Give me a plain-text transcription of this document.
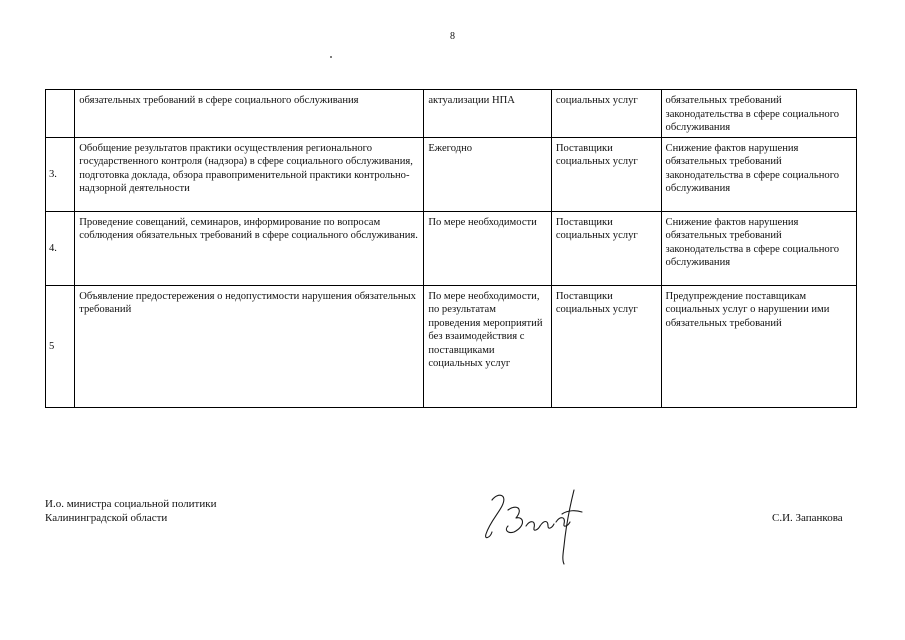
8
	обязательных требований в сфере социального обслуживания	актуализации НПА	социальных услуг	обязательных требований законодательства в сфере социального обслуживания
3.	Обобщение результатов практики осуществления регионального государственного контроля (надзора) в сфере социального обслуживания, подготовка доклада, обзора правоприменительной практики контрольно-надзорной деятельности	Ежегодно	Поставщики социальных услуг	Снижение фактов нарушения обязательных требований законодательства в сфере социального обслуживания
4.	Проведение совещаний, семинаров, информирование по вопросам соблюдения обязательных требований в сфере социального обслуживания.	По мере необходимости	Поставщики социальных услуг	Снижение фактов нарушения обязательных требований законодательства в сфере социального обслуживания
5	Объявление предостережения о недопустимости нарушения обязательных требований	По мере необходимости, по результатам проведения мероприятий без взаимодействия с поставщиками социальных услуг	Поставщики социальных услуг	Предупреждение поставщикам социальных услуг о нарушении ими обязательных требований
И.о. министра социальной политики
Калининградской области	С.И. Запанкова
